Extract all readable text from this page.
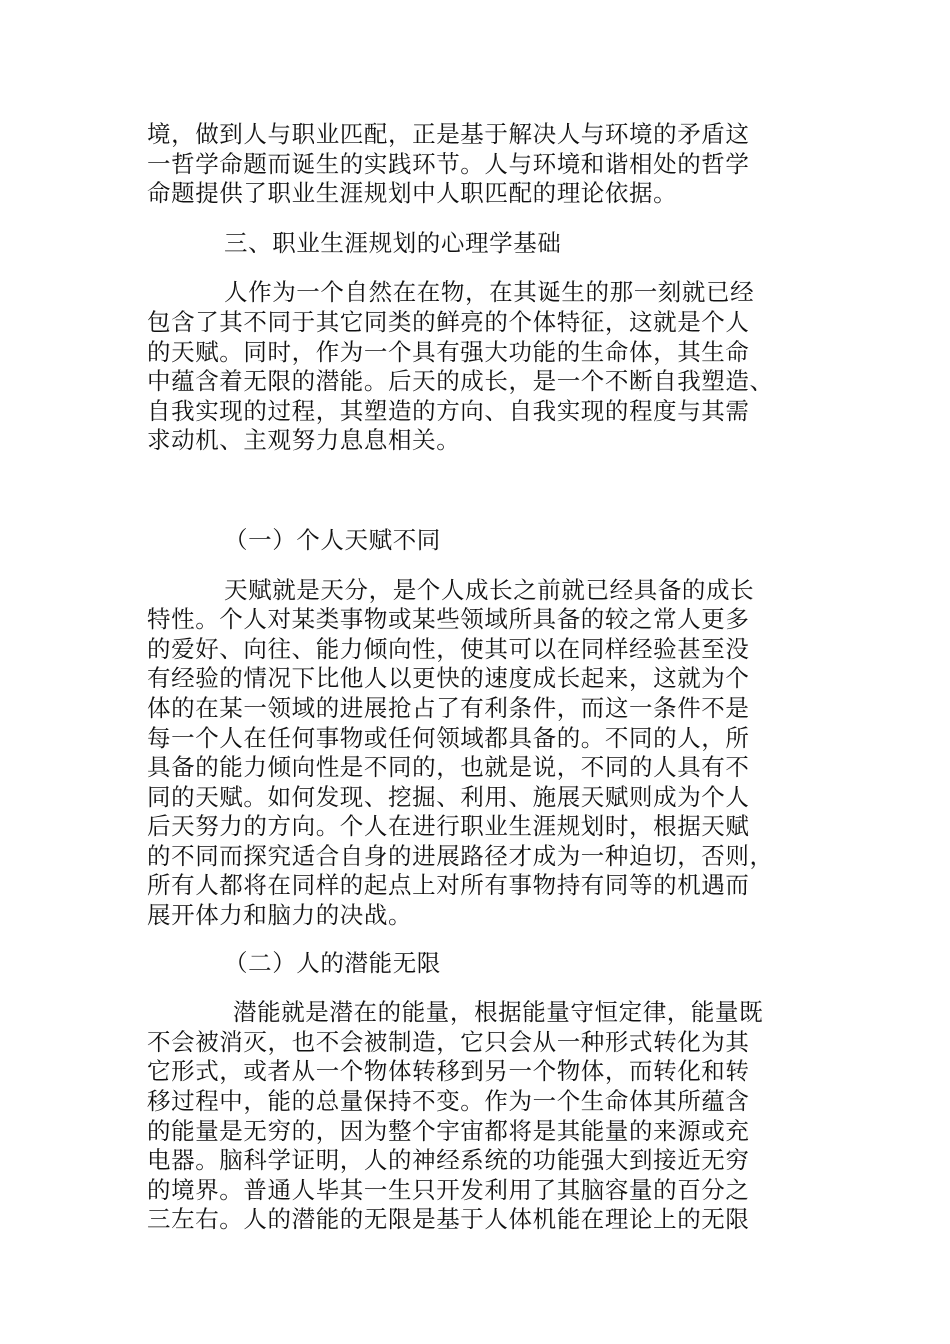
境，做到人与职业匹配，正是基于解决人与环境的矛盾这
一哲学命题而诞生的实践环节。人与环境和谐相处的哲学
命题提供了职业生涯规划中人职匹配的理论依据。
三、职业生涯规划的心理学基础
人作为一个自然在在物，在其诞生的那一刻就已经
包含了其不同于其它同类的鲜亮的个体特征，这就是个人
的天赋。同时，作为一个具有强大功能的生命体，其生命
中蕴含着无限的潜能。后天的成长，是一个不断自我塑造、
自我实现的过程，其塑造的方向、自我实现的程度与其需
求动机、主观努力息息相关。
（一）个人天赋不同
天赋就是天分，是个人成长之前就已经具备的成长
特性。个人对某类事物或某些领域所具备的较之常人更多
的爱好、向往、能力倾向性，使其可以在同样经验甚至没
有经验的情况下比他人以更快的速度成长起来，这就为个
体的在某一领域的进展抢占了有利条件，而这一条件不是
每一个人在任何事物或任何领域都具备的。不同的人，所
具备的能力倾向性是不同的，也就是说，不同的人具有不
同的天赋。如何发现、挖掘、利用、施展天赋则成为个人
后天努力的方向。个人在进行职业生涯规划时，根据天赋
的不同而探究适合自身的进展路径才成为一种迫切，否则，
所有人都将在同样的起点上对所有事物持有同等的机遇而
展开体力和脑力的决战。
（二）人的潜能无限
潜能就是潜在的能量，根据能量守恒定律，能量既
不会被消灭，也不会被制造，它只会从一种形式转化为其
它形式，或者从一个物体转移到另一个物体，而转化和转
移过程中，能的总量保持不变。作为一个生命体其所蕴含
的能量是无穷的，因为整个宇宙都将是其能量的来源或充
电器。脑科学证明，人的神经系统的功能强大到接近无穷
的境界。普通人毕其一生只开发利用了其脑容量的百分之
三左右。人的潜能的无限是基于人体机能在理论上的无限
